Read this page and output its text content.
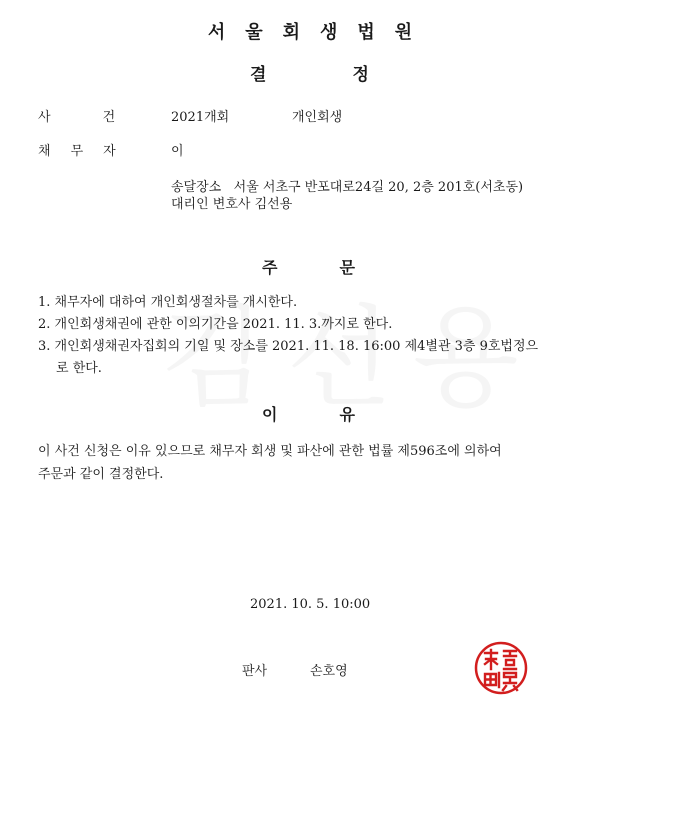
서 울 회 생 법 원
결	정
사	건	2021개회	개인회생
채 무 자	이
송달장소 서울 서초구 반포대로24길 20, 2층 201호(서초동)
대리인 변호사 김선용
주	문
1. 채무자에 대하여 개인회생절차를 개시한다.
2. 개인회생채권에 관한 이의기간을 2021. 11. 3.까지로 한다.
3. 개인회생채권자집회의 기일 및 장소를 2021. 11. 18. 16:00 제4별관 3층 9호법정으
로 한다.
이	유
이 사건 신청은 이유 있으므로 채무자 회생 및 파산에 관한 법률 제596조에 의하여
주문과 같이 결정한다.
2021. 10. 5. 10:00
판사	손호영
